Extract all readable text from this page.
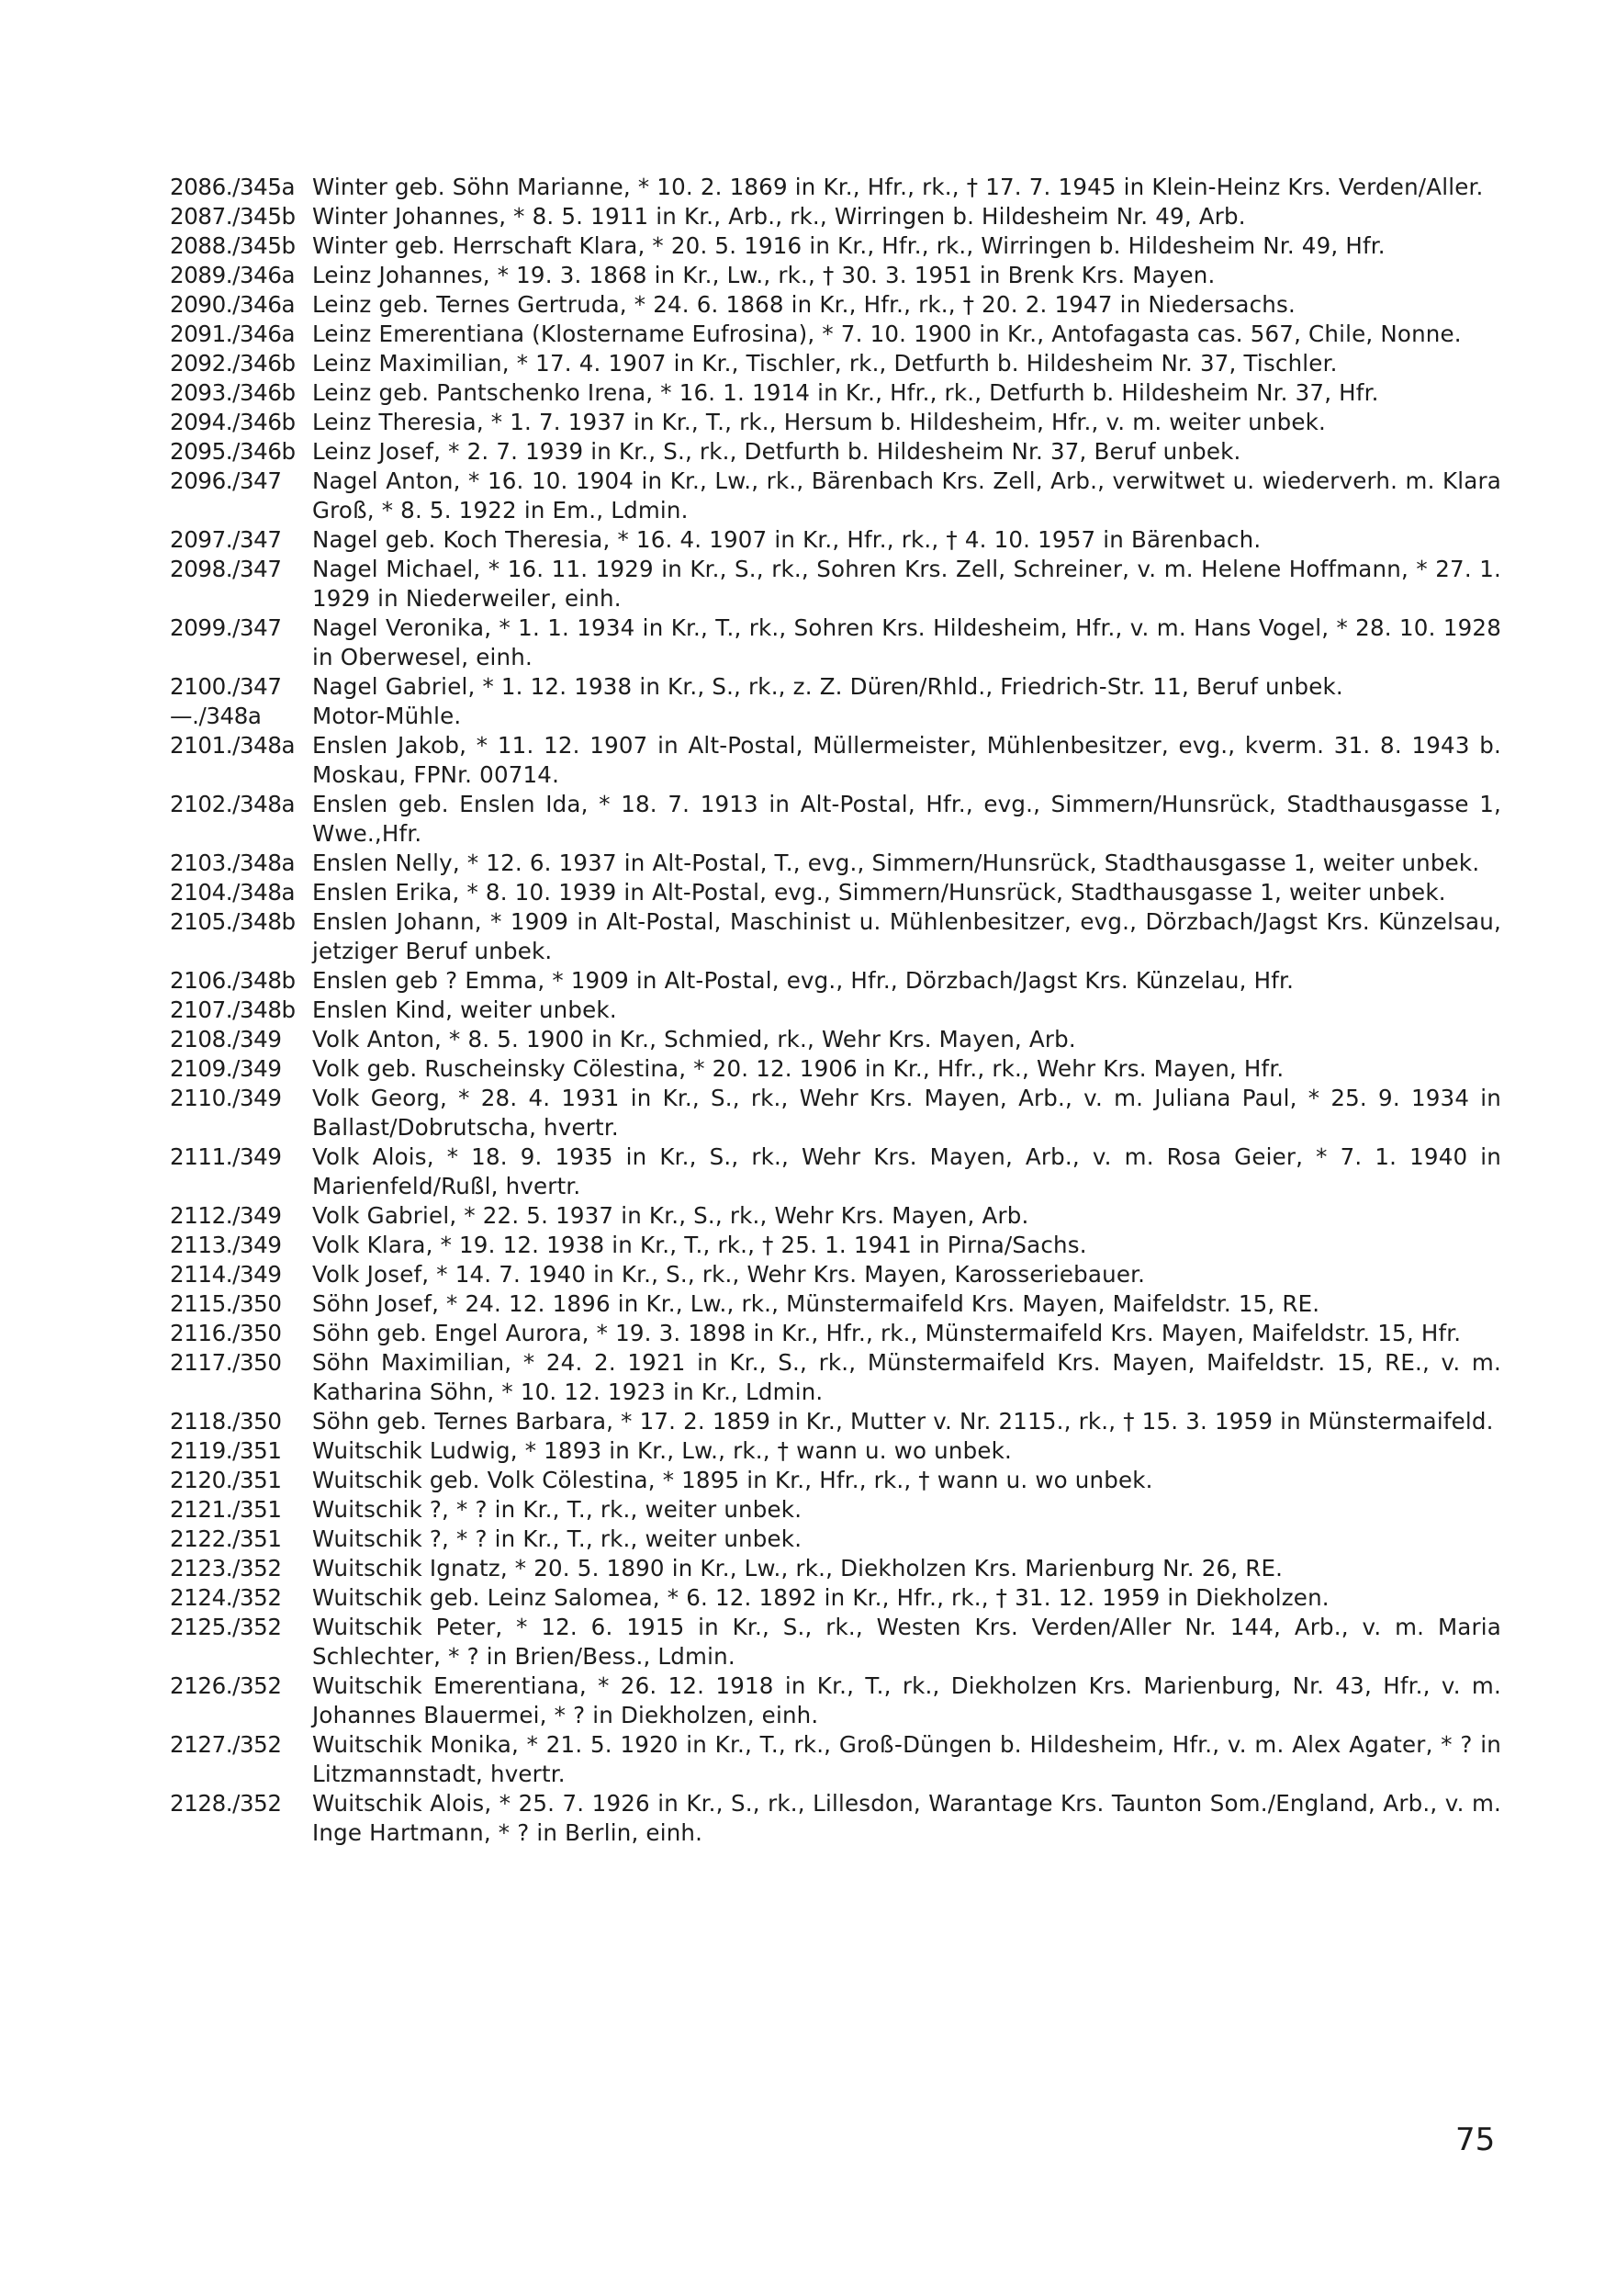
2086./345a Winter geb. Söhn Marianne, * 10. 2. 1869 in Kr., Hfr., rk., † 17. 7. 1945 in Klein-Heinz Krs. Verden/Aller.
2087./345b Winter Johannes, * 8. 5. 1911 in Kr., Arb., rk., Wirringen b. Hildesheim Nr. 49, Arb.
2088./345b Winter geb. Herrschaft Klara, * 20. 5. 1916 in Kr., Hfr., rk., Wirringen b. Hildesheim Nr. 49, Hfr.
2089./346a Leinz Johannes, * 19. 3. 1868 in Kr., Lw., rk., † 30. 3. 1951 in Brenk Krs. Mayen.
2090./346a Leinz geb. Ternes Gertruda, * 24. 6. 1868 in Kr., Hfr., rk., † 20. 2. 1947 in Niedersachs.
2091./346a Leinz Emerentiana (Klostername Eufrosina), * 7. 10. 1900 in Kr., Antofagasta cas. 567, Chile, Nonne.
2092./346b Leinz Maximilian, * 17. 4. 1907 in Kr., Tischler, rk., Detfurth b. Hildesheim Nr. 37, Tischler.
2093./346b Leinz geb. Pantschenko Irena, * 16. 1. 1914 in Kr., Hfr., rk., Detfurth b. Hildesheim Nr. 37, Hfr.
2094./346b Leinz Theresia, * 1. 7. 1937 in Kr., T., rk., Hersum b. Hildesheim, Hfr., v. m. weiter unbek.
2095./346b Leinz Josef, * 2. 7. 1939 in Kr., S., rk., Detfurth b. Hildesheim Nr. 37, Beruf unbek.
2096./347	Nagel Anton, * 16. 10. 1904 in Kr., Lw., rk., Bärenbach Krs. Zell, Arb., verwitwet u. wiederverh. m. Klara Groß, * 8. 5. 1922 in Em., Ldmin.
2097./347	Nagel geb. Koch Theresia, * 16. 4. 1907 in Kr., Hfr., rk., † 4. 10. 1957 in Bärenbach.
2098./347	Nagel Michael, * 16. 11. 1929 in Kr., S., rk., Sohren Krs. Zell, Schreiner, v. m. Helene Hoffmann, * 27. 1. 1929 in Niederweiler, einh.
2099./347	Nagel Veronika, * 1. 1. 1934 in Kr., T., rk., Sohren Krs. Hildesheim, Hfr., v. m. Hans Vogel, * 28. 10. 1928 in Oberwesel, einh.
2100./347	Nagel Gabriel, * 1. 12. 1938 in Kr., S., rk., z. Z. Düren/Rhld., Friedrich-Str. 11, Beruf unbek.
—./348a	Motor-Mühle.
2101./348a Enslen Jakob, * 11. 12. 1907 in Alt-Postal, Müllermeister, Mühlenbesitzer, evg., kverm. 31. 8. 1943 b. Moskau, FPNr. 00714.
2102./348a Enslen geb. Enslen Ida, * 18. 7. 1913 in Alt-Postal, Hfr., evg., Simmern/Hunsrück, Stadthausgasse 1, Wwe.,Hfr.
2103./348a Enslen Nelly, * 12. 6. 1937 in Alt-Postal, T., evg., Simmern/Hunsrück, Stadthausgasse 1, weiter unbek.
2104./348a Enslen Erika, * 8. 10. 1939 in Alt-Postal, evg., Simmern/Hunsrück, Stadthausgasse 1, weiter unbek.
2105./348b Enslen Johann, * 1909 in Alt-Postal, Maschinist u. Mühlenbesitzer, evg., Dörzbach/Jagst Krs. Künzelsau, jetziger Beruf unbek.
2106./348b Enslen geb ? Emma, * 1909 in Alt-Postal, evg., Hfr., Dörzbach/Jagst Krs. Künzelau, Hfr.
2107./348b Enslen Kind, weiter unbek.
2108./349	Volk Anton, * 8. 5. 1900 in Kr., Schmied, rk., Wehr Krs. Mayen, Arb.
2109./349	Volk geb. Ruscheinsky Cölestina, * 20. 12. 1906 in Kr., Hfr., rk., Wehr Krs. Mayen, Hfr.
2110./349	Volk Georg, * 28. 4. 1931 in Kr., S., rk., Wehr Krs. Mayen, Arb., v. m. Juliana Paul, * 25. 9. 1934 in Ballast/Dobrutscha, hvertr.
2111./349	Volk Alois, * 18. 9. 1935 in Kr., S., rk., Wehr Krs. Mayen, Arb., v. m. Rosa Geier, * 7. 1. 1940 in Marienfeld/Rußl, hvertr.
2112./349	Volk Gabriel, * 22. 5. 1937 in Kr., S., rk., Wehr Krs. Mayen, Arb.
2113./349	Volk Klara, * 19. 12. 1938 in Kr., T., rk., † 25. 1. 1941 in Pirna/Sachs.
2114./349	Volk Josef, * 14. 7. 1940 in Kr., S., rk., Wehr Krs. Mayen, Karosseriebauer.
2115./350	Söhn Josef, * 24. 12. 1896 in Kr., Lw., rk., Münstermaifeld Krs. Mayen, Maifeldstr. 15, RE.
2116./350	Söhn geb. Engel Aurora, * 19. 3. 1898 in Kr., Hfr., rk., Münstermaifeld Krs. Mayen, Maifeldstr. 15, Hfr.
2117./350	Söhn Maximilian, * 24. 2. 1921 in Kr., S., rk., Münstermaifeld Krs. Mayen, Maifeldstr. 15, RE., v. m. Katharina Söhn, * 10. 12. 1923 in Kr., Ldmin.
2118./350	Söhn geb. Ternes Barbara, * 17. 2. 1859 in Kr., Mutter v. Nr. 2115., rk., † 15. 3. 1959 in Münstermaifeld.
2119./351	Wuitschik Ludwig, * 1893 in Kr., Lw., rk., † wann u. wo unbek.
2120./351	Wuitschik geb. Volk Cölestina, * 1895 in Kr., Hfr., rk., † wann u. wo unbek.
2121./351	Wuitschik ?, * ? in Kr., T., rk., weiter unbek.
2122./351	Wuitschik ?, * ? in Kr., T., rk., weiter unbek.
2123./352	Wuitschik Ignatz, * 20. 5. 1890 in Kr., Lw., rk., Diekholzen Krs. Marienburg Nr. 26, RE.
2124./352	Wuitschik geb. Leinz Salomea, * 6. 12. 1892 in Kr., Hfr., rk., † 31. 12. 1959 in Diekholzen.
2125./352	Wuitschik Peter, * 12. 6. 1915 in Kr., S., rk., Westen Krs. Verden/Aller Nr. 144, Arb., v. m. Maria Schlechter, * ? in Brien/Bess., Ldmin.
2126./352	Wuitschik Emerentiana, * 26. 12. 1918 in Kr., T., rk., Diekholzen Krs. Marienburg, Nr. 43, Hfr., v. m. Johannes Blauermei, * ? in Diekholzen, einh.
2127./352	Wuitschik Monika, * 21. 5. 1920 in Kr., T., rk., Groß-Düngen b. Hildesheim, Hfr., v. m. Alex Agater, * ? in Litzmannstadt, hvertr.
2128./352	Wuitschik Alois, * 25. 7. 1926 in Kr., S., rk., Lillesdon, Warantage Krs. Taunton Som./England, Arb., v. m. Inge Hartmann, * ? in Berlin, einh.
75
